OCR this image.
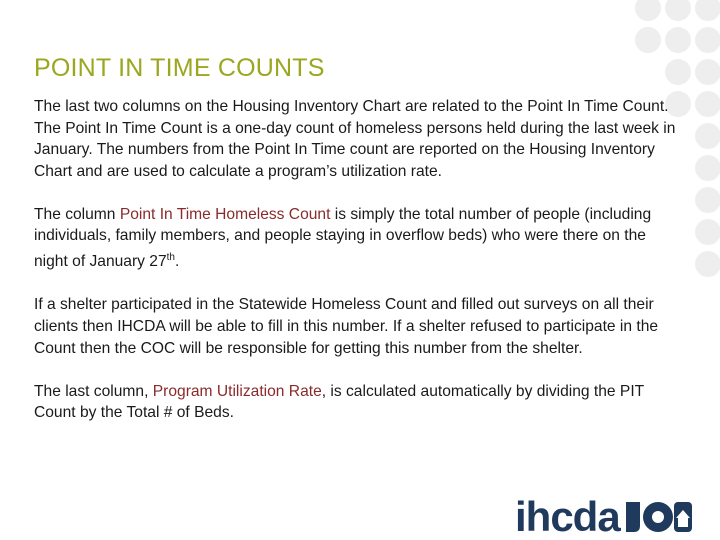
POINT IN TIME COUNTS

The last two columns on the Housing Inventory Chart are related to the Point In Time Count. The Point In Time Count is a one-day count of homeless persons held during the last week in January. The numbers from the Point In Time count are reported on the Housing Inventory Chart and are used to calculate a program’s utilization rate.

The column Point In Time Homeless Count is simply the total number of people (including individuals, family members, and people staying in overflow beds) who were there on the night of January 27th.

If a shelter participated in the Statewide Homeless Count and filled out surveys on all their clients then IHCDA will be able to fill in this number. If a shelter refused to participate in the Count then the COC will be responsible for getting this number from the shelter.

The last column, Program Utilization Rate, is calculated automatically by dividing the PIT Count by the Total # of Beds.

ihcda
